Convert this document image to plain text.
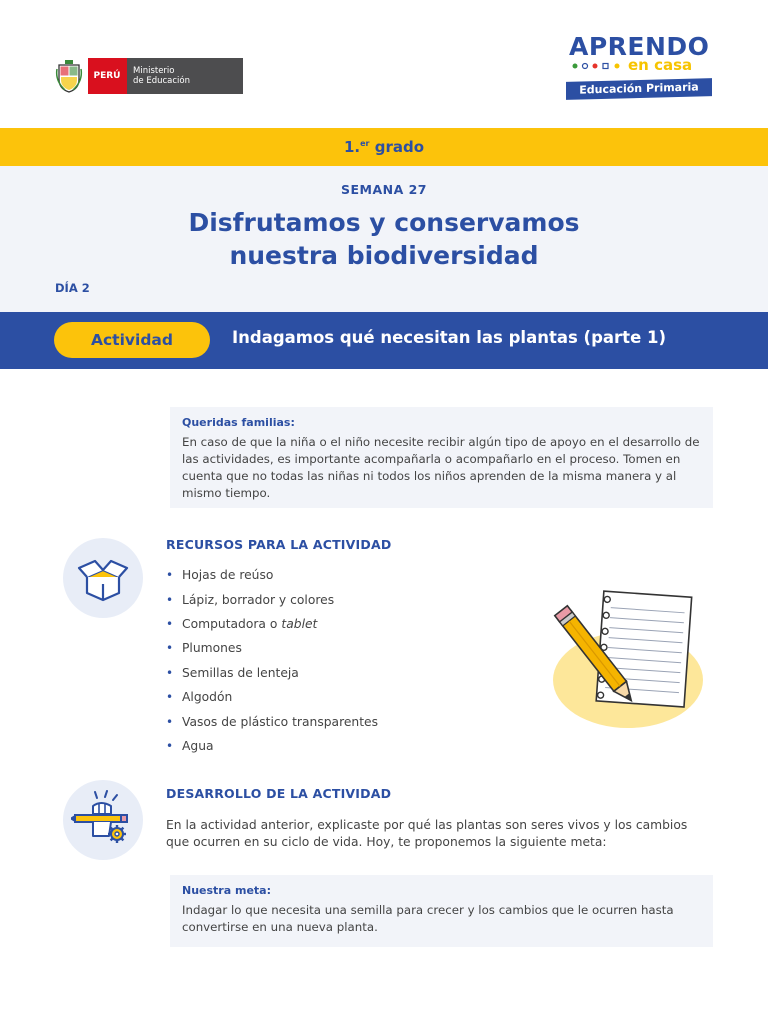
PERÚ	Ministerio
de Educación
APRENDO
en casa
Educación Primaria
1.$^{er}$ grado
SEMANA 27
Disfrutamos y conservamos
nuestra biodiversidad
DÍA 2
Actividad	Indagamos qué necesitan las plantas (parte 1)
Queridas familias:
En caso de que la niña o el niño necesite recibir algún tipo de apoyo en el desarrollo de las actividades, es importante acompañarla o acompañarlo en el proceso. Tomen en cuenta que no todas las niñas ni todos los niños aprenden de la misma manera y al mismo tiempo.
RECURSOS PARA LA ACTIVIDAD
• Hojas de reúso
• Lápiz, borrador y colores
• Computadora o tablet
• Plumones
• Semillas de lenteja
• Algodón
• Vasos de plástico transparentes
• Agua
DESARROLLO DE LA ACTIVIDAD
En la actividad anterior, explicaste por qué las plantas son seres vivos y los cambios que ocurren en su ciclo de vida. Hoy, te proponemos la siguiente meta:
Nuestra meta:
Indagar lo que necesita una semilla para crecer y los cambios que le ocurren hasta convertirse en una nueva planta.
